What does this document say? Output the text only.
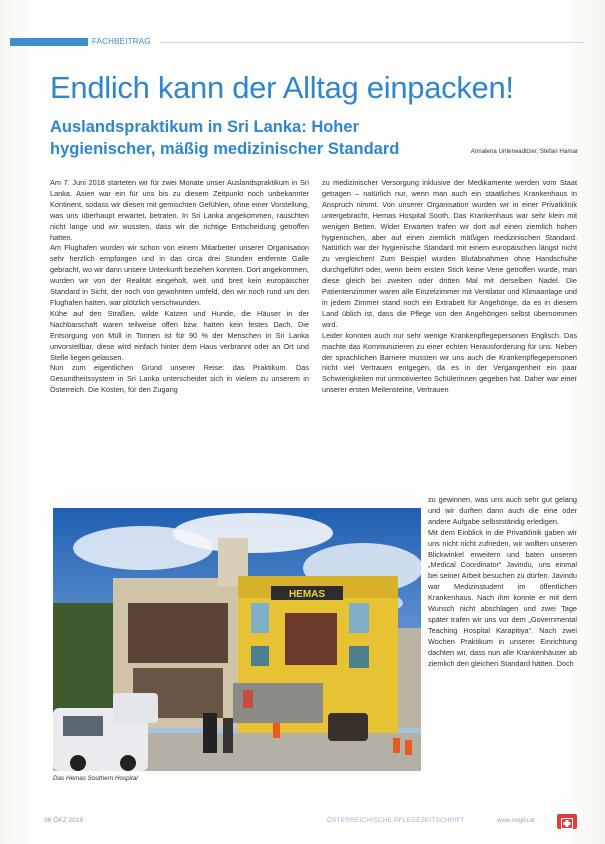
FACHBEITRAG
Endlich kann der Alltag einpacken!
Auslandspraktikum in Sri Lanka: Hoher hygienischer, mäßig medizinischer Standard	Annalena Unterwaditzer, Stefan Hamar

Am 7. Juni 2018 starteten wir für zwei Monate unser Auslandspraktikum in Sri Lanka. Asien war ein für uns bis zu diesem Zeitpunkt noch unbekannter Kontinent, sodass wir diesen mit gemischten Gefühlen, ohne einer Vorstellung, was uns überhaupt erwartet, betraten. In Sri Lanka angekommen, rauschten nicht lange und wir wussten, dass wir die richtige Entscheidung getroffen hatten.

Am Flughafen wurden wir schon von einem Mitarbeiter unserer Organisation sehr herzlich empfangen und in das circa drei Stunden entfernte Galle gebracht, wo wir dann unsere Unterkunft beziehen konnten. Dort angekommen, wurden wir von der Realität eingeholt, weit und breit kein europäischer Standard in Sicht, der noch von gewohnten umfeld, den wir noch rund um den Flughafen hatten, war plötzlich verschwunden.

Kühe auf den Straßen, wilde Katzen und Hunde, die Häuser in der Nachbarschaft waren teilweise offen bzw. hatten kein festes Dach. Die Entsorgung von Müll in Tonnen ist für 90 % der Menschen in Sri Lanka unvorstellbar, diese wird einfach hinter dem Haus verbrannt oder an Ort und Stelle liegen gelassen.

Nun zum eigentlichen Grund unserer Reise: das Praktikum. Das Gesundheitssystem in Sri Lanka unterscheidet sich in vielem zu unserem in Österreich. Die Kosten, für den Zugang

zu medizinischer Versorgung inklusive der Medikamente werden vom Staat getragen – natürlich nur, wenn man auch ein staatliches Krankenhaus in Anspruch nimmt. Von unserer Organisation wurden wir in einer Privatklinik untergebracht, Hemas Hospital Sooth. Das Krankenhaus war sehr klein mit wenigen Betten. Wider Erwarten trafen wir dort auf einen ziemlich hohen hygienischen, aber auf einen ziemlich mäßigen medizinischen Standard. Natürlich war der hygienische Standard mit einem europäischen längst nicht zu vergleichen! Zum Beispiel wurden Blutabnahmen ohne Handschuhe durchgeführt oder, wenn beim ersten Stich keine Vene getroffen wurde, man diese gleich bei zweiten oder dritten Mal mit derselben Nadel. Die Patientenzimmer waren alle Einzelzimmer mit Ventilator und Klimaanlage und in jedem Zimmer stand noch ein Extrabett für Angehörige, da es in diesem Land üblich ist, dass die Pflege von den Angehörigen selbst übernommen wird.

Leider konnten auch nur sehr wenige Krankenpflegepersonen Englisch. Das machte das Kommunizieren zu einer echten Herausforderung für uns. Neben der sprachlichen Barriere mussten wir uns auch die Krankenpflegepersonen nicht viel Vertrauen entgegen, da es in der Vergangenheit ein paar Schwierigkeiten mit unmotivierten Schülerinnen gegeben hat. Daher war einer unserer ersten Meilensteine, Vertrauen

zu gewinnen, was uns auch sehr gut gelang und wir durften dann auch die eine oder andere Aufgabe selbstständig erledigen.

Mit dem Einblick in die Privatklinik gaben wir uns nicht nicht zufrieden, wir wollten unseren Blickwinkel erweitern und baten unseren „Medical Coordinator“ Javindu, uns einmal bei seiner Arbeit besuchen zu dürfen. Javindu war Medizinstudent im öffentlichen Krankenhaus. Nach ihm konnte er mit dem Wunsch nicht abschlagen und zwei Tage später trafen wir uns vor dem „Governmental Teaching Hospital Karapitiya“. Nach zwei Wochen Praktikum in unserer Einrichtung dachten wir, dass nun alle Krankenhäuser ab ziemlich den gleichen Standard hätten. Doch

HEMAS
Das Hemas Southern Hospital
36 ÖKZ 2019	ÖSTERREICHISCHE PFLEGEZEITSCHRIFT	www.oegkv.at
